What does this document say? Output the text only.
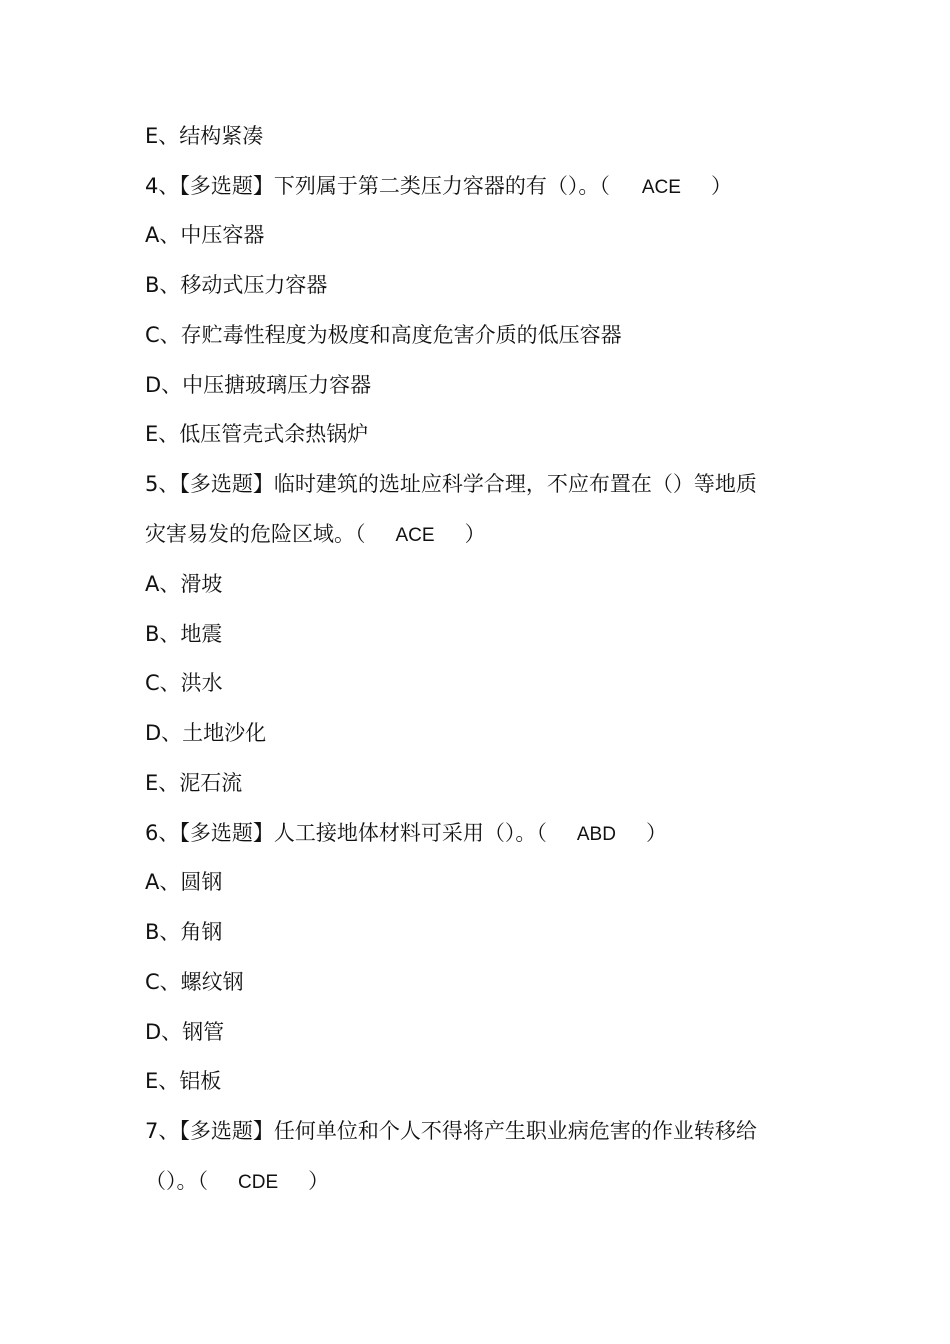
E、结构紧凑
4、【多选题】下列属于第二类压力容器的有（）。（ ACE ）
A、中压容器
B、移动式压力容器
C、存贮毒性程度为极度和高度危害介质的低压容器
D、中压搪玻璃压力容器
E、低压管壳式余热锅炉
5、【多选题】临时建筑的选址应科学合理，不应布置在（）等地质
灾害易发的危险区域。（ ACE ）
A、滑坡
B、地震
C、洪水
D、土地沙化
E、泥石流
6、【多选题】人工接地体材料可采用（）。（ ABD ）
A、圆钢
B、角钢
C、螺纹钢
D、钢管
E、铝板
7、【多选题】任何单位和个人不得将产生职业病危害的作业转移给
（）。（ CDE ）
